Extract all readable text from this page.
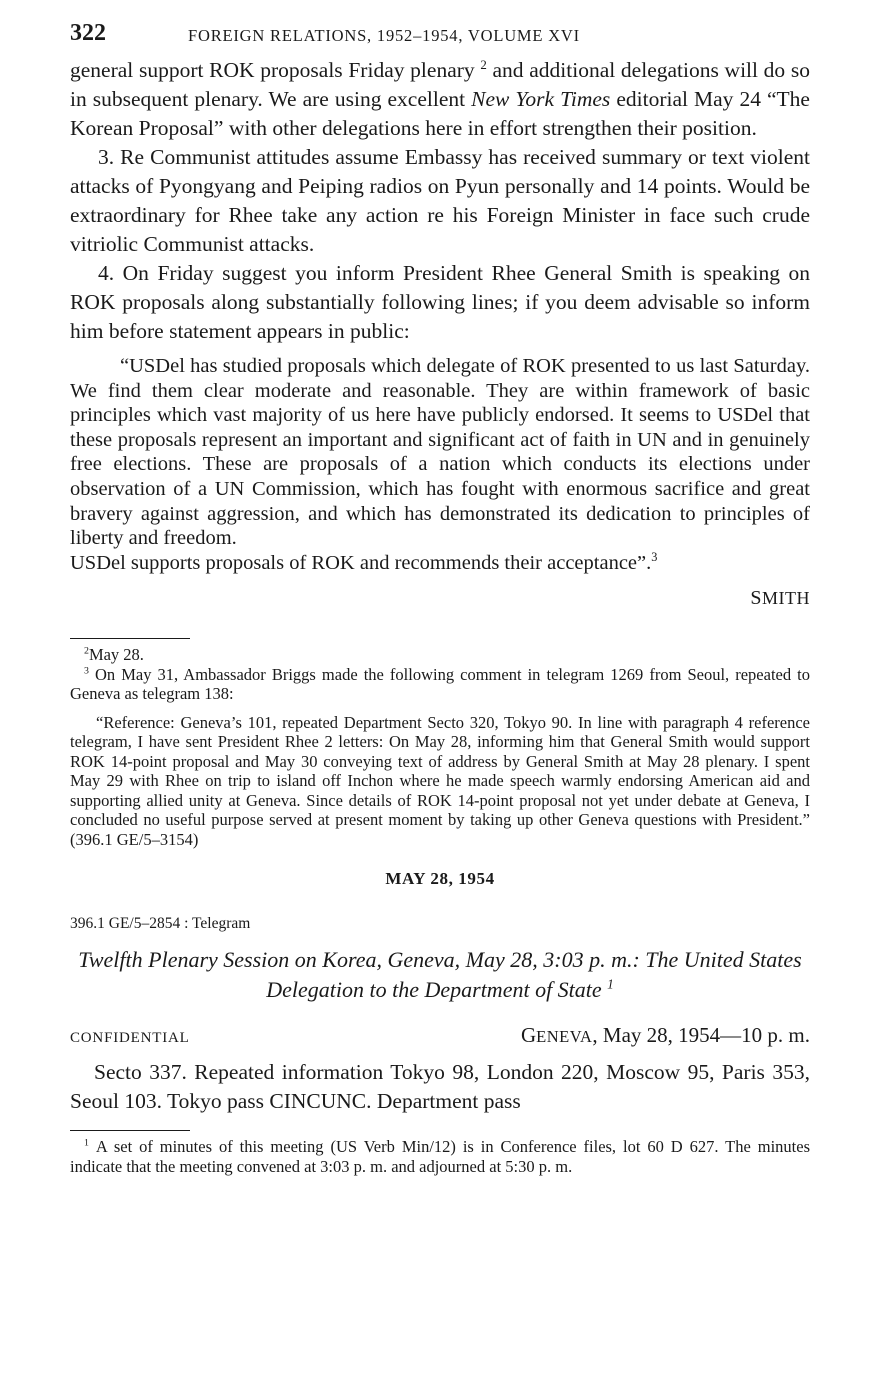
322	FOREIGN RELATIONS, 1952–1954, VOLUME XVI

general support ROK proposals Friday plenary $^2$ and additional delegations will do so in subsequent plenary. We are using excellent New York Times editorial May 24 “The Korean Proposal” with other delegations here in effort strengthen their position.

3. Re Communist attitudes assume Embassy has received summary or text violent attacks of Pyongyang and Peiping radios on Pyun personally and 14 points. Would be extraordinary for Rhee take any action re his Foreign Minister in face such crude vitriolic Communist attacks.

4. On Friday suggest you inform President Rhee General Smith is speaking on ROK proposals along substantially following lines; if you deem advisable so inform him before statement appears in public:

“USDel has studied proposals which delegate of ROK presented to us last Saturday. We find them clear moderate and reasonable. They are within framework of basic principles which vast majority of us here have publicly endorsed. It seems to USDel that these proposals represent an important and significant act of faith in UN and in genuinely free elections. These are proposals of a nation which conducts its elections under observation of a UN Commission, which has fought with enormous sacrifice and great bravery against aggression, and which has demonstrated its dedication to principles of liberty and freedom.

USDel supports proposals of ROK and recommends their acceptance”.$^3$

SMITH

$^2$May 28.

$^3$ On May 31, Ambassador Briggs made the following comment in telegram 1269 from Seoul, repeated to Geneva as telegram 138:

“Reference: Geneva’s 101, repeated Department Secto 320, Tokyo 90. In line with paragraph 4 reference telegram, I have sent President Rhee 2 letters: On May 28, informing him that General Smith would support ROK 14-point proposal and May 30 conveying text of address by General Smith at May 28 plenary. I spent May 29 with Rhee on trip to island off Inchon where he made speech warmly endorsing American aid and supporting allied unity at Geneva. Since details of ROK 14-point proposal not yet under debate at Geneva, I concluded no useful purpose served at present moment by taking up other Geneva questions with President.” (396.1 GE/5–3154)

MAY 28, 1954
396.1 GE/5–2854 : Telegram
Twelfth Plenary Session on Korea, Geneva, May 28, 3:03 p. m.: The United States Delegation to the Department of State $^1$
CONFIDENTIAL	GENEVA, May 28, 1954—10 p. m.

Secto 337. Repeated information Tokyo 98, London 220, Moscow 95, Paris 353, Seoul 103. Tokyo pass CINCUNC. Department pass

$^1$ A set of minutes of this meeting (US Verb Min/12) is in Conference files, lot 60 D 627. The minutes indicate that the meeting convened at 3:03 p. m. and adjourned at 5:30 p. m.
